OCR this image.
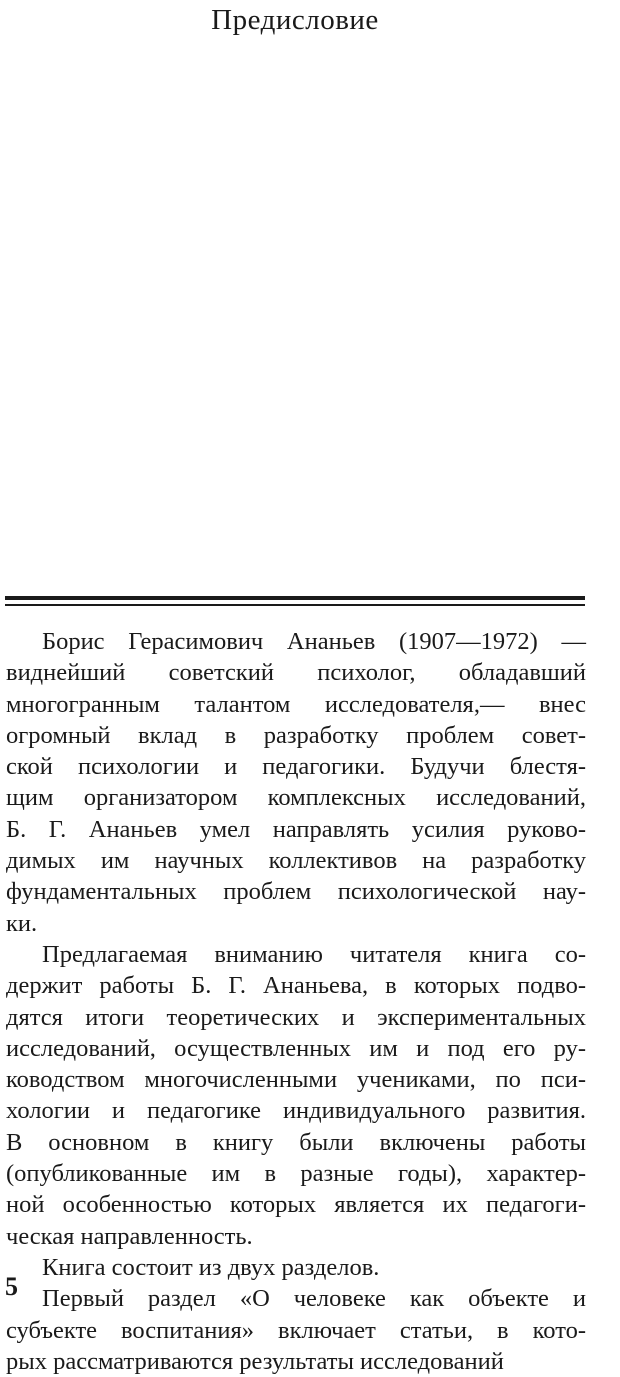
Предисловие
Борис Герасимович Ананьев (1907—1972) —
виднейший советский психолог, обладавший
многогранным талантом исследователя,— внес
огромный вклад в разработку проблем совет-
ской психологии и педагогики. Будучи блестя-
щим организатором комплексных исследований,
Б. Г. Ананьев умел направлять усилия руково-
димых им научных коллективов на разработку
фундаментальных проблем психологической нау-
ки.
Предлагаемая вниманию читателя книга со-
держит работы Б. Г. Ананьева, в которых подво-
дятся итоги теоретических и экспериментальных
исследований, осуществленных им и под его ру-
ководством многочисленными учениками, по пси-
хологии и педагогике индивидуального развития.
В основном в книгу были включены работы
(опубликованные им в разные годы), характер-
ной особенностью которых является их педагоги-
ческая направленность.
Книга состоит из двух разделов.
Первый раздел «О человеке как объекте и
субъекте воспитания» включает статьи, в кото-
рых рассматриваются результаты исследований
5
